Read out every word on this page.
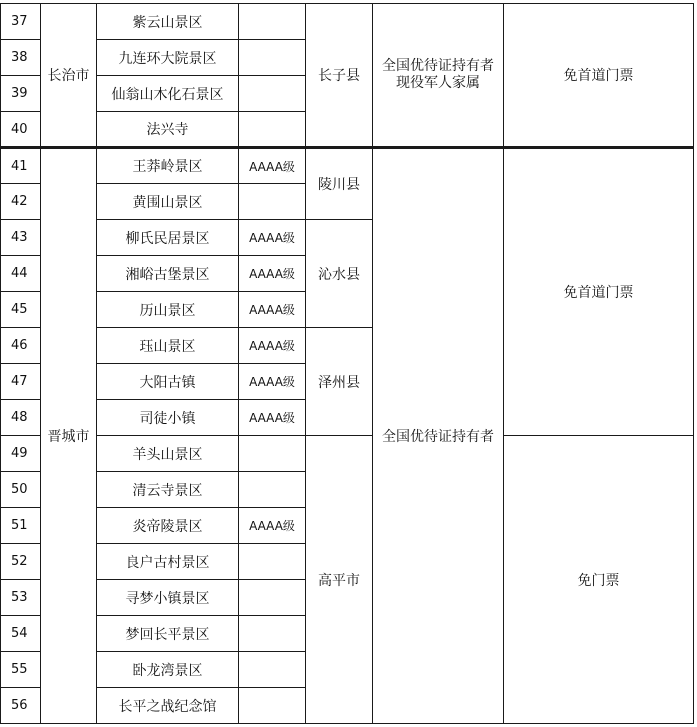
37	长治市	紫云山景区		长子县	全国优待证持有者
现役军人家属	免首道门票
38		九连环大院景区				
39		仙翁山木化石景区				
40		法兴寺				
41	晋城市	王莽岭景区	AAAA级	陵川县	全国优待证持有者	免首道门票
42		黄围山景区				
43		柳氏民居景区	AAAA级	沁水县		
44		湘峪古堡景区	AAAA级			
45		历山景区	AAAA级			
46		珏山景区	AAAA级	泽州县		
47		大阳古镇	AAAA级			
48		司徒小镇	AAAA级			
49		羊头山景区		高平市		免门票
50		清云寺景区				
51		炎帝陵景区	AAAA级			
52		良户古村景区				
53		寻梦小镇景区				
54		梦回长平景区				
55		卧龙湾景区				
56		长平之战纪念馆				
